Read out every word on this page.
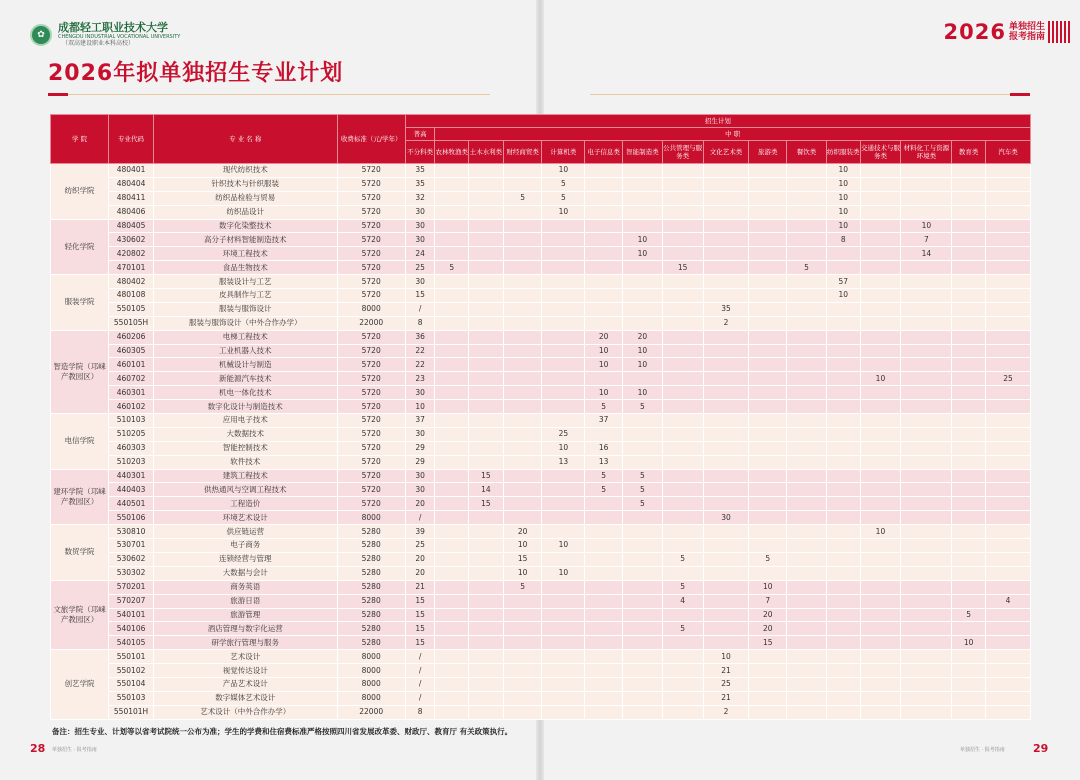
✿
成都轻工职业技术大学
CHENGDU INDUSTRIAL VOCATIONAL UNIVERSITY
（双高建设职业本科高校）	2026 单独招生
报考指南
2026年拟单独招生专业计划
学 院	专业代码	专 业 名 称	收费标准（元/学年）	招生计划															
				普高	中 职														
				不分科类	农林牧渔类	土木水利类	财经商贸类	计算机类	电子信息类	智能制造类	公共管理与服务类	文化艺术类	旅游类	餐饮类	纺织服装类	交通技术与服务类	材料化工与资源环境类	教育类	汽车类
纺织学院	480401	现代纺织技术	5720	35				10							10				
	480404	针织技术与针织服装	5720	35				5							10				
	480411	纺织品检验与贸易	5720	32			5	5							10				
	480406	纺织品设计	5720	30				10							10				
轻化学院	480405	数字化染整技术	5720	30											10		10		
	430602	高分子材料智能制造技术	5720	30						10					8		7		
	420802	环境工程技术	5720	24						10							14		
	470101	食品生物技术	5720	25	5						15			5					
服装学院	480402	服装设计与工艺	5720	30											57				
	480108	皮具制作与工艺	5720	15											10				
	550105	服装与服饰设计	8000	/								35							
	550105H	服装与服饰设计（中外合作办学）	22000	8								2							
智造学院（邛崃产教园区）	460206	电梯工程技术	5720	36					20	20									
	460305	工业机器人技术	5720	22					10	10									
	460101	机械设计与制造	5720	22					10	10									
	460702	新能源汽车技术	5720	23												10			25
	460301	机电一体化技术	5720	30					10	10									
	460102	数字化设计与制造技术	5720	10					5	5									
电信学院	510103	应用电子技术	5720	37					37										
	510205	大数据技术	5720	30				25											
	460303	智能控制技术	5720	29				10	16										
	510203	软件技术	5720	29				13	13										
建环学院（邛崃产教园区）	440301	建筑工程技术	5720	30		15			5	5									
	440403	供热通风与空调工程技术	5720	30		14			5	5									
	440501	工程造价	5720	20		15				5									
	550106	环境艺术设计	8000	/								30							
数贸学院	530810	供应链运营	5280	39			20									10			
	530701	电子商务	5280	25			10	10											
	530602	连锁经营与管理	5280	20			15				5		5						
	530302	大数据与会计	5280	20			10	10											
文旅学院（邛崃产教园区）	570201	商务英语	5280	21			5				5		10						
	570207	旅游日语	5280	15							4		7						4
	540101	旅游管理	5280	15									20					5	
	540106	酒店管理与数字化运营	5280	15							5		20						
	540105	研学旅行管理与服务	5280	15									15					10	
创艺学院	550101	艺术设计	8000	/								10							
	550102	视觉传达设计	8000	/								21							
	550104	产品艺术设计	8000	/								25							
	550103	数字媒体艺术设计	8000	/								21							
	550101H	艺术设计（中外合作办学）	22000	8								2							
备注：招生专业、计划等以省考试院统一公布为准；学生的学费和住宿费标准严格按照四川省发展改革委、财政厅、教育厅 有关政策执行。
28 单独招生 · 报考指南	单独招生 · 报考指南	29
